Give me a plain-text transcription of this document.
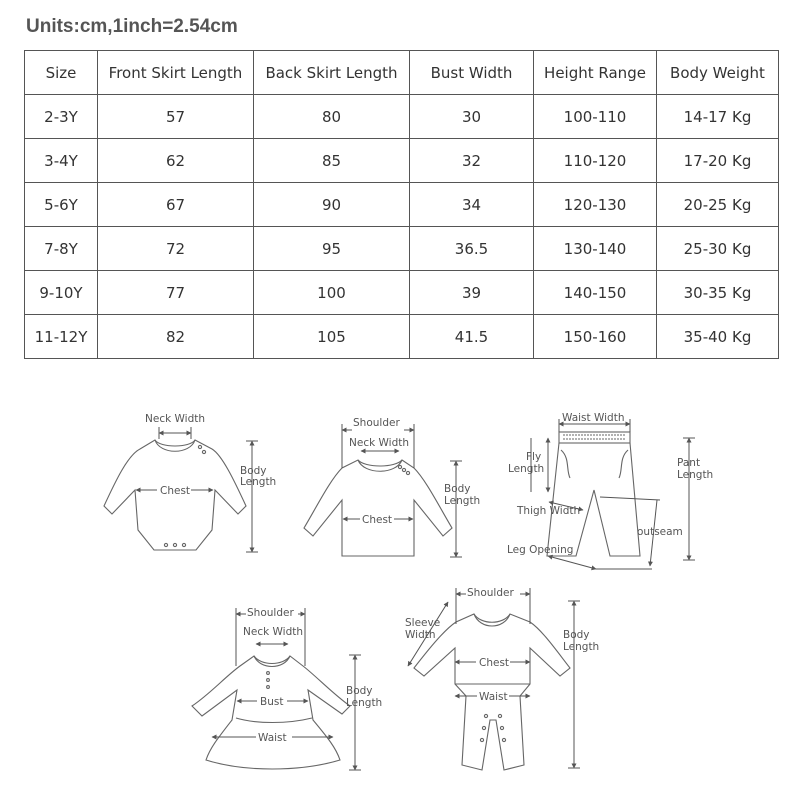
Units:cm,1inch=2.54cm
Size	Front Skirt Length	Back Skirt Length	Bust Width	Height Range	Body Weight
2-3Y	57	80	30	100-110	14-17 Kg
3-4Y	62	85	32	110-120	17-20 Kg
5-6Y	67	90	34	120-130	20-25 Kg
7-8Y	72	95	36.5	130-140	25-30 Kg
9-10Y	77	100	39	140-150	30-35 Kg
11-12Y	82	105	41.5	150-160	35-40 Kg
Neck Width
Chest
Body
Length
Shoulder
Neck Width
Chest
Body
Length
Waist Width
Fly
Length	Pant
Length
Thigh Width
outseam
Leg Opening
Shoulder
Neck Width
Bust
Waist
Body
Length
Shoulder
Sleeve
Width
Chest
Waist
Body
Length
